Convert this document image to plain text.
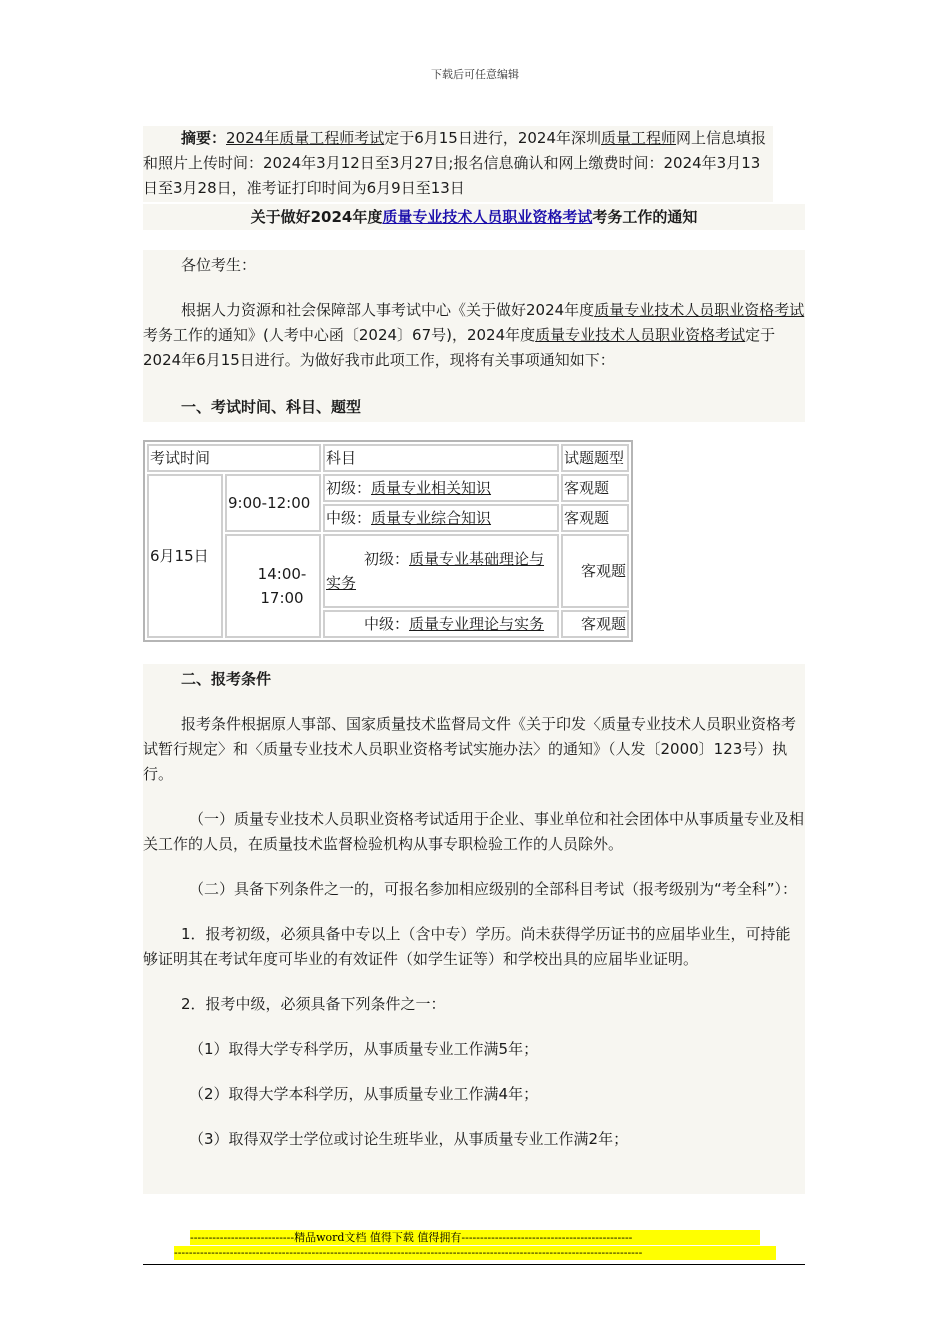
下载后可任意编辑

摘要：2024年质量工程师考试定于6月15日进行，2024年深圳质量工程师网上信息填报和照片上传时间：2024年3月12日至3月27日;报名信息确认和网上缴费时间：2024年3月13日至3月28日，准考证打印时间为6月9日至13日

关于做好2024年度质量专业技术人员职业资格考试考务工作的通知

各位考生：

根据人力资源和社会保障部人事考试中心《关于做好2024年度质量专业技术人员职业资格考试考务工作的通知》(人考中心函〔2024〕67号)，2024年度质量专业技术人员职业资格考试定于2024年6月15日进行。为做好我市此项工作，现将有关事项通知如下：

一、考试时间、科目、题型

考试时间		科目	试题题型
6月15日	9:00-12:00	初级：质量专业相关知识	客观题
		中级：质量专业综合知识	客观题

	14:00-17:00	初级：质量专业基础理论与实务	客观题

		中级：质量专业理论与实务	客观题

二、报考条件

报考条件根据原人事部、国家质量技术监督局文件《关于印发〈质量专业技术人员职业资格考试暂行规定〉和〈质量专业技术人员职业资格考试实施办法〉的通知》（人发〔2000〕123号）执行。

（一）质量专业技术人员职业资格考试适用于企业、事业单位和社会团体中从事质量专业及相关工作的人员，在质量技术监督检验机构从事专职检验工作的人员除外。

（二）具备下列条件之一的，可报名参加相应级别的全部科目考试（报考级别为“考全科”）：

1．报考初级，必须具备中专以上（含中专）学历。尚未获得学历证书的应届毕业生，可持能够证明其在考试年度可毕业的有效证件（如学生证等）和学校出具的应届毕业证明。

2．报考中级，必须具备下列条件之一：

（1）取得大学专科学历，从事质量专业工作满5年；

（2）取得大学本科学历，从事质量专业工作满4年；

（3）取得双学士学位或讨论生班毕业，从事质量专业工作满2年；

----------------------------精品word文档 值得下载 值得拥有----------------------------------------------
------------------------------------------------------------------------------------------------------------------------------
